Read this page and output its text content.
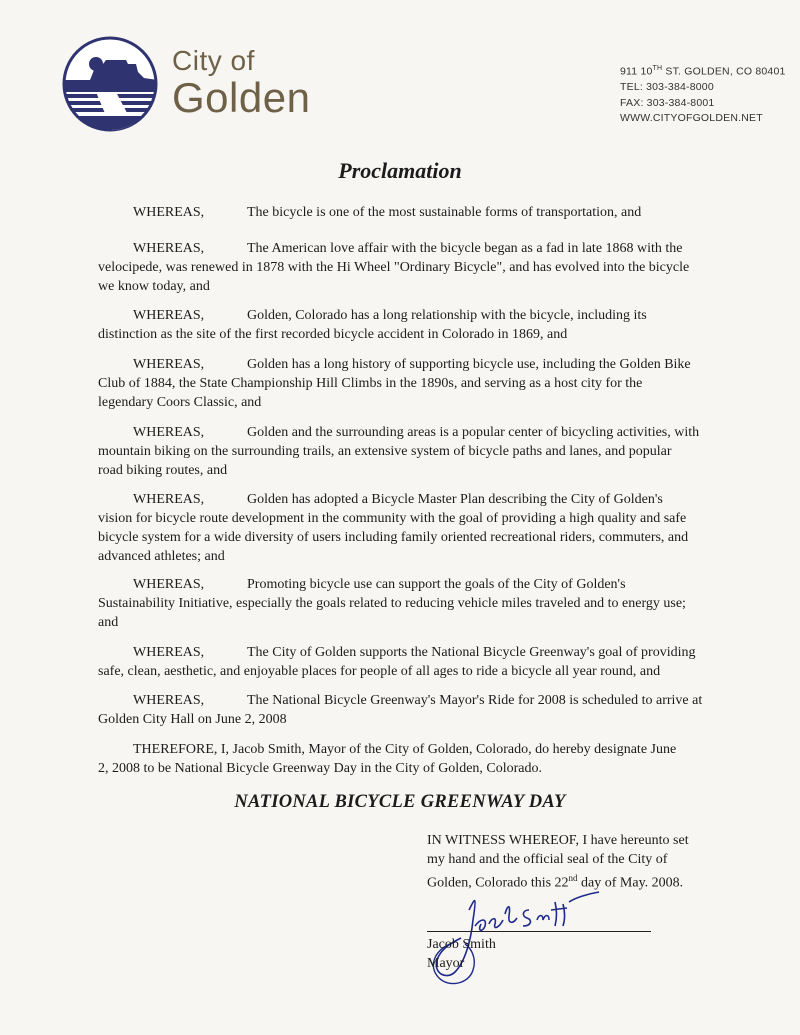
City of
Golden
911 10TH ST. GOLDEN, CO 80401
TEL: 303-384-8000
FAX: 303-384-8001
WWW.CITYOFGOLDEN.NET
Proclamation

WHEREAS,	The bicycle is one of the most sustainable forms of transportation, and

WHEREAS,	The American love affair with the bicycle began as a fad in late 1868 with the
velocipede, was renewed in 1878 with the Hi Wheel "Ordinary Bicycle", and has evolved into the bicycle
we know today, and

WHEREAS,	Golden, Colorado has a long relationship with the bicycle, including its
distinction as the site of the first recorded bicycle accident in Colorado in 1869, and

WHEREAS,	Golden has a long history of supporting bicycle use, including the Golden Bike
Club of 1884, the State Championship Hill Climbs in the 1890s, and serving as a host city for the
legendary Coors Classic, and

WHEREAS,	Golden and the surrounding areas is a popular center of bicycling activities, with
mountain biking on the surrounding trails, an extensive system of bicycle paths and lanes, and popular
road biking routes, and

WHEREAS,	Golden has adopted a Bicycle Master Plan describing the City of Golden's
vision for bicycle route development in the community with the goal of providing a high quality and safe
bicycle system for a wide diversity of users including family oriented recreational riders, commuters, and
advanced athletes; and

WHEREAS,	Promoting bicycle use can support the goals of the City of Golden's
Sustainability Initiative, especially the goals related to reducing vehicle miles traveled and to energy use;
and

WHEREAS,	The City of Golden supports the National Bicycle Greenway's goal of providing
safe, clean, aesthetic, and enjoyable places for people of all ages to ride a bicycle all year round, and

WHEREAS,	The National Bicycle Greenway's Mayor's Ride for 2008 is scheduled to arrive at
Golden City Hall on June 2, 2008

THEREFORE, I, Jacob Smith, Mayor of the City of Golden, Colorado, do hereby designate June
2, 2008 to be National Bicycle Greenway Day in the City of Golden, Colorado.

NATIONAL BICYCLE GREENWAY DAY
IN WITNESS WHEREOF, I have hereunto set
my hand and the official seal of the City of
Golden, Colorado this 22nd day of May. 2008.
Jacob Smith
Mayor
